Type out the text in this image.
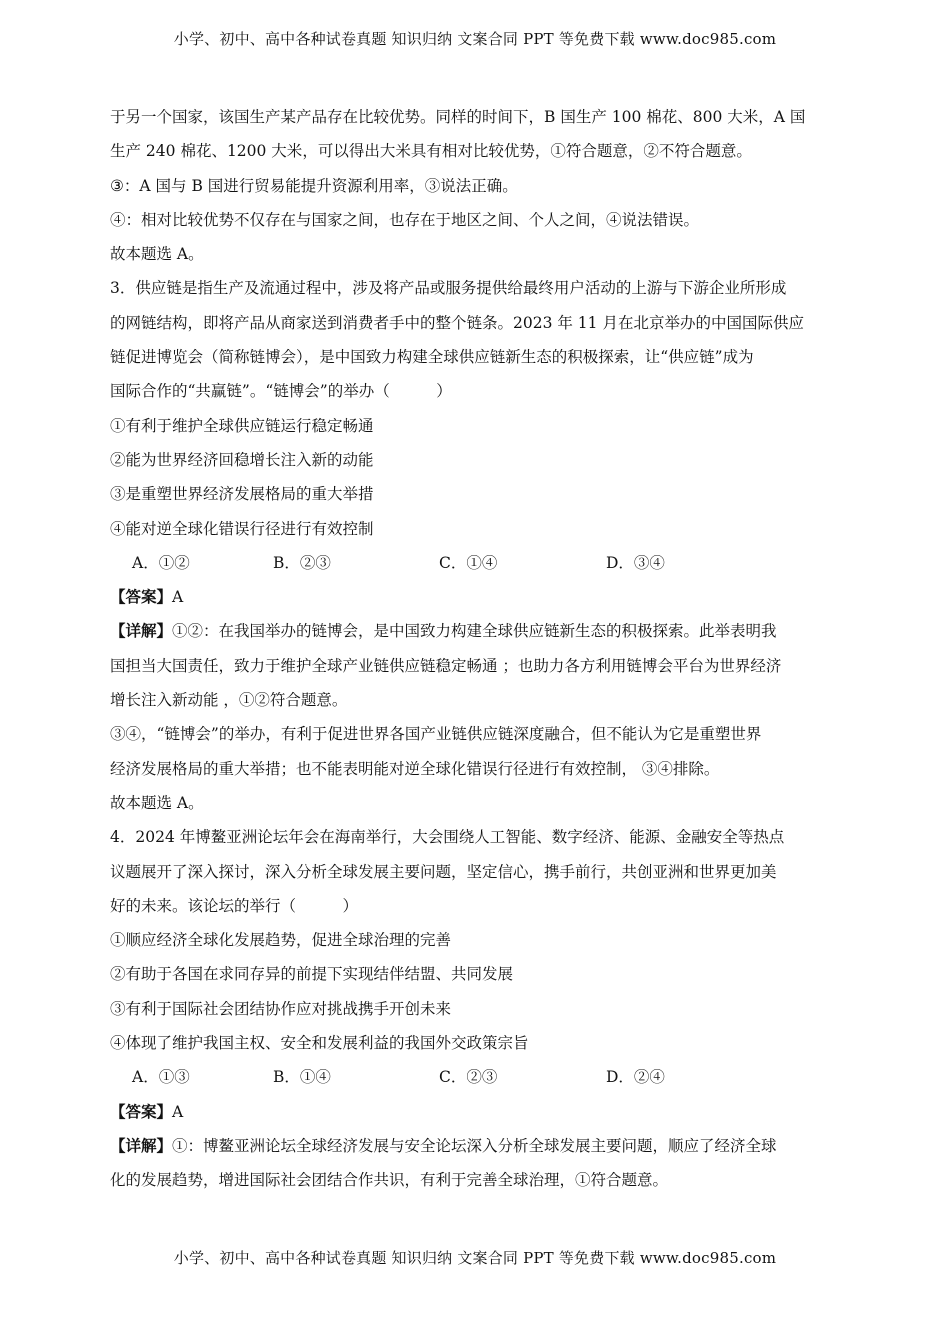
小学、初中、高中各种试卷真题 知识归纳 文案合同 PPT 等免费下载 www.doc985.com
于另一个国家，该国生产某产品存在比较优势。同样的时间下，B 国生产 100 棉花、800 大米，A 国
生产 240 棉花、1200 大米，可以得出大米具有相对比较优势，①符合题意，②不符合题意。
③：A 国与 B 国进行贸易能提升资源利用率，③说法正确。
④：相对比较优势不仅存在与国家之间，也存在于地区之间、个人之间，④说法错误。
故本题选 A。
3．供应链是指生产及流通过程中，涉及将产品或服务提供给最终用户活动的上游与下游企业所形成
的网链结构，即将产品从商家送到消费者手中的整个链条。2023 年 11 月在北京举办的中国国际供应
链促进博览会（简称链博会），是中国致力构建全球供应链新生态的积极探索，让“供应链”成为
国际合作的“共赢链”。“链博会”的举办（　　　）
①有利于维护全球供应链运行稳定畅通
②能为世界经济回稳增长注入新的动能
③是重塑世界经济发展格局的重大举措
④能对逆全球化错误行径进行有效控制
A．①②	B．②③	C．①④	D．③④
【答案】A
【详解】①②：在我国举办的链博会，是中国致力构建全球供应链新生态的积极探索。此举表明我
国担当大国责任，致力于维护全球产业链供应链稳定畅通 ；也助力各方利用链博会平台为世界经济
增长注入新动能 ，①②符合题意。
③④，“链博会”的举办，有利于促进世界各国产业链供应链深度融合，但不能认为它是重塑世界
经济发展格局的重大举措；也不能表明能对逆全球化错误行径进行有效控制， ③④排除。
故本题选 A。
4．2024 年博鳌亚洲论坛年会在海南举行，大会围绕人工智能、数字经济、能源、金融安全等热点
议题展开了深入探讨，深入分析全球发展主要问题，坚定信心，携手前行，共创亚洲和世界更加美
好的未来。该论坛的举行（　　　）
①顺应经济全球化发展趋势，促进全球治理的完善
②有助于各国在求同存异的前提下实现结伴结盟、共同发展
③有利于国际社会团结协作应对挑战携手开创未来
④体现了维护我国主权、安全和发展利益的我国外交政策宗旨
A．①③	B．①④	C．②③	D．②④
【答案】A
【详解】①：博鳌亚洲论坛全球经济发展与安全论坛深入分析全球发展主要问题，顺应了经济全球
化的发展趋势，增进国际社会团结合作共识，有利于完善全球治理，①符合题意。
小学、初中、高中各种试卷真题 知识归纳 文案合同 PPT 等免费下载 www.doc985.com
